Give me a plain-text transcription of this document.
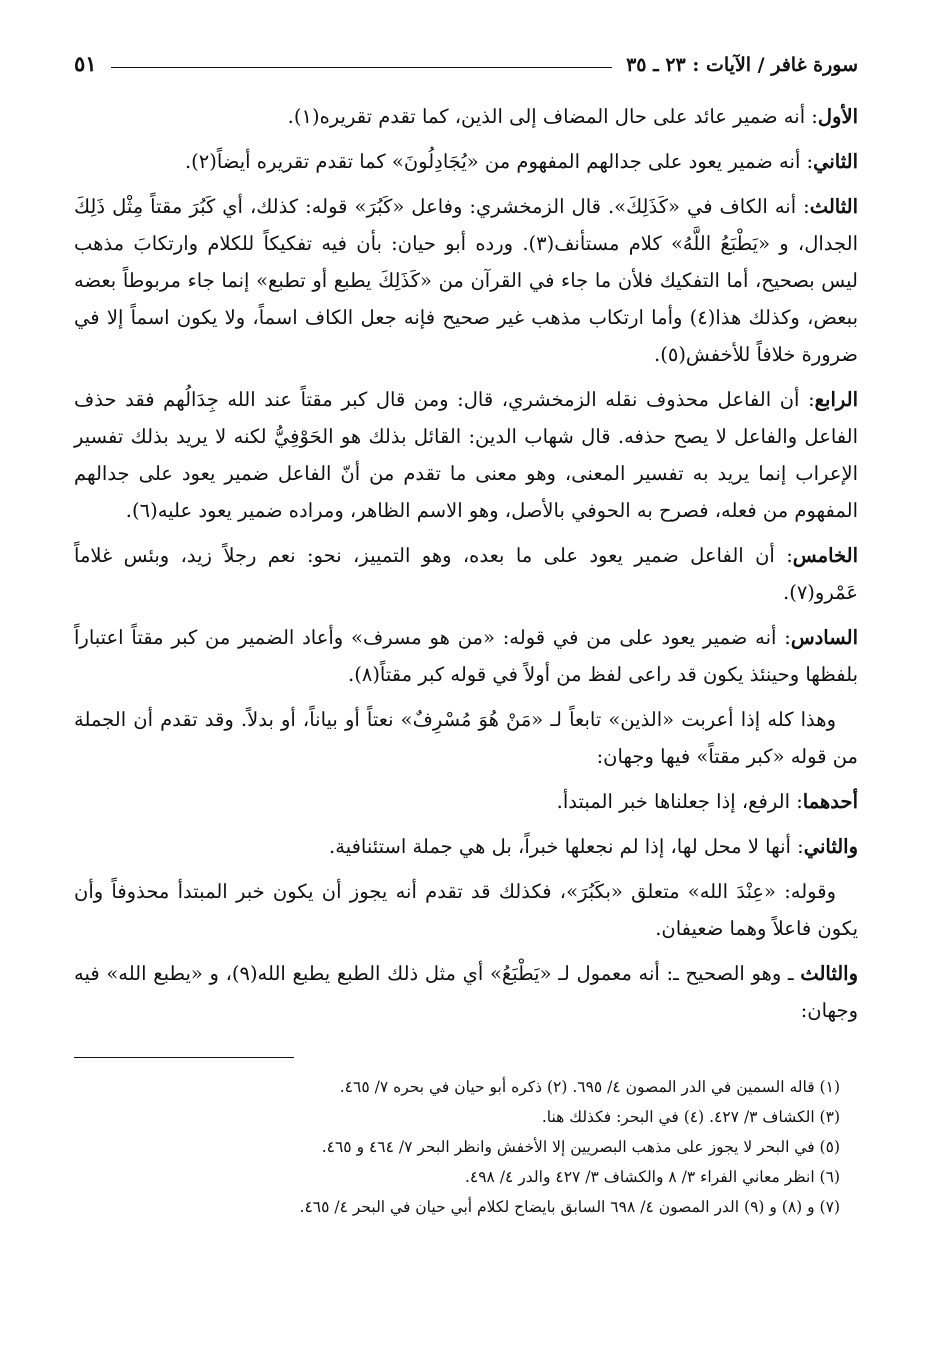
سورة غافر / الآيات : ٢٣ ـ ٣٥
٥١

الأول: أنه ضمير عائد على حال المضاف إلى الذين، كما تقدم تقريره(١).

الثاني: أنه ضمير يعود على جدالهم المفهوم من «يُجَادِلُونَ» كما تقدم تقريره أيضاً(٢).

الثالث: أنه الكاف في «كَذَلِكَ». قال الزمخشري: وفاعل «كَبُرَ» قوله: كذلك، أي كَبُرَ مقتاً مِثْل ذَلِكَ الجدال، و «يَطْبَعُ اللَّهُ» كلام مستأنف(٣). ورده أبو حيان: بأن فيه تفكيكاً للكلام وارتكابَ مذهب ليس بصحيح، أما التفكيك فلأن ما جاء في القرآن من «كَذَلِكَ يطبع أو تطبع» إنما جاء مربوطاً بعضه ببعض، وكذلك هذا(٤) وأما ارتكاب مذهب غير صحيح فإنه جعل الكاف اسماً، ولا يكون اسماً إلا في ضرورة خلافاً للأخفش(٥).

الرابع: أن الفاعل محذوف نقله الزمخشري، قال: ومن قال كبر مقتاً عند الله جِدَالُهم فقد حذف الفاعل والفاعل لا يصح حذفه. قال شهاب الدين: القائل بذلك هو الحَوْفِيُّ لكنه لا يريد بذلك تفسير الإعراب إنما يريد به تفسير المعنى، وهو معنى ما تقدم من أنّ الفاعل ضمير يعود على جدالهم المفهوم من فعله، فصرح به الحوفي بالأصل، وهو الاسم الظاهر، ومراده ضمير يعود عليه(٦).

الخامس: أن الفاعل ضمير يعود على ما بعده، وهو التمييز، نحو: نعم رجلاً زيد، وبئس غلاماً عَمْرو(٧).

السادس: أنه ضمير يعود على من في قوله: «من هو مسرف» وأعاد الضمير من كبر مقتاً اعتباراً بلفظها وحينئذ يكون قد راعى لفظ من أولاً في قوله كبر مقتاً(٨).

وهذا كله إذا أعربت «الذين» تابعاً لـ «مَنْ هُوَ مُسْرِفٌ» نعتاً أو بياناً، أو بدلاً. وقد تقدم أن الجملة من قوله «كبر مقتاً» فيها وجهان:

أحدهما: الرفع، إذا جعلناها خبر المبتدأ.

والثاني: أنها لا محل لها، إذا لم نجعلها خبراً، بل هي جملة استئنافية.

وقوله: «عِنْدَ الله» متعلق «بكَبُرَ»، فكذلك قد تقدم أنه يجوز أن يكون خبر المبتدأ محذوفاً وأن يكون فاعلاً وهما ضعيفان.

والثالث ـ وهو الصحيح ـ: أنه معمول لـ «يَطْبَعُ» أي مثل ذلك الطبع يطبع الله(٩)، و «يطبع الله» فيه وجهان:

(١) قاله السمين في الدر المصون ٤/ ٦٩٥. (٢) ذكره أبو حيان في بحره ٧/ ٤٦٥.
(٣) الكشاف ٣/ ٤٢٧. (٤) في البحر: فكذلك هنا.
(٥) في البحر لا يجوز على مذهب البصريين إلا الأخفش وانظر البحر ٧/ ٤٦٤ و ٤٦٥.
(٦) انظر معاني الفراء ٣/ ٨ والكشاف ٣/ ٤٢٧ والدر ٤/ ٤٩٨.
(٧) و (٨) و (٩) الدر المصون ٤/ ٦٩٨ السابق بايضاح لكلام أبي حيان في البحر ٤/ ٤٦٥.
